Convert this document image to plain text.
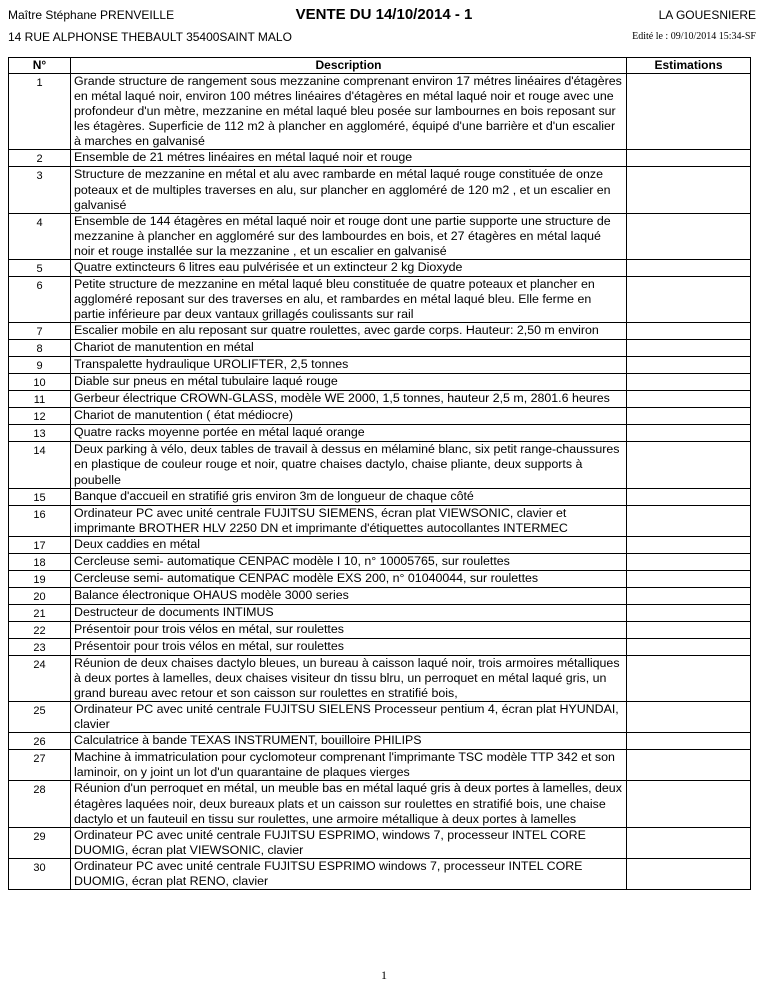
Maître Stéphane PRENVEILLE
14 RUE ALPHONSE THEBAULT 35400SAINT MALO
VENTE DU 14/10/2014 - 1	LA GOUESNIERE
Edité le : 09/10/2014 15:34-SF
N°	Description	Estimations
1	Grande structure de rangement sous mezzanine comprenant environ 17 métres linéaires d'étagères en métal laqué noir, environ 100 métres linéaires d'étagères en métal laqué noir et rouge avec une profondeur d'un mètre, mezzanine en métal laqué bleu posée sur lambournes en bois reposant sur les étagères. Superficie de 112 m2 à plancher en aggloméré, équipé d'une barrière et d'un escalier à marches en galvanisé	
2	Ensemble de 21 métres linéaires en métal laqué noir et rouge	
3	Structure de mezzanine en métal et alu avec rambarde en métal laqué rouge constituée de onze poteaux et de multiples traverses en alu, sur plancher en aggloméré de 120 m2 , et un escalier en galvanisé	
4	Ensemble de 144 étagères en métal laqué noir et rouge dont une partie supporte une structure de mezzanine à plancher en aggloméré sur des lambourdes en bois, et 27 étagères en métal laqué noir et rouge installée sur la mezzanine , et un escalier en galvanisé	
5	Quatre extincteurs 6 litres eau pulvérisée et un extincteur 2 kg Dioxyde	
6	Petite structure de mezzanine en métal laqué bleu constituée de quatre poteaux et plancher en aggloméré reposant sur des traverses en alu, et rambardes en métal laqué bleu. Elle ferme en partie inférieure par deux vantaux grillagés coulissants sur rail	
7	Escalier mobile en alu reposant sur quatre roulettes, avec garde corps. Hauteur: 2,50 m environ	
8	Chariot de manutention en métal	
9	Transpalette hydraulique UROLIFTER, 2,5 tonnes	
10	Diable sur pneus en métal tubulaire laqué rouge	
11	Gerbeur électrique CROWN-GLASS, modèle WE 2000, 1,5 tonnes, hauteur 2,5 m, 2801.6 heures	
12	Chariot de manutention ( état médiocre)	
13	Quatre racks moyenne portée en métal laqué orange	
14	Deux parking à vélo, deux tables de travail à dessus en mélaminé blanc, six petit range-chaussures en plastique de couleur rouge et noir, quatre chaises dactylo, chaise pliante, deux supports à poubelle	
15	Banque d'accueil en stratifié gris environ 3m de longueur de chaque côté	
16	Ordinateur PC avec unité centrale FUJITSU SIEMENS, écran plat VIEWSONIC, clavier et imprimante BROTHER HLV 2250 DN et imprimante d'étiquettes autocollantes INTERMEC	
17	Deux caddies en métal	
18	Cercleuse semi- automatique CENPAC modèle I 10, n° 10005765, sur roulettes	
19	Cercleuse semi- automatique CENPAC modèle EXS 200, n° 01040044, sur roulettes	
20	Balance électronique OHAUS modèle 3000 series	
21	Destructeur de documents INTIMUS	
22	Présentoir pour trois vélos en métal, sur roulettes	
23	Présentoir pour trois vélos en métal, sur roulettes	
24	Réunion de deux chaises dactylo bleues, un bureau à caisson laqué noir, trois armoires métalliques à deux portes à lamelles, deux chaises visiteur dn tissu blru, un perroquet en métal laqué gris, un grand bureau avec retour et son caisson sur roulettes en stratifié bois,	
25	Ordinateur PC avec unité centrale FUJITSU SIELENS Processeur pentium 4, écran plat HYUNDAI, clavier	
26	Calculatrice à bande TEXAS INSTRUMENT, bouilloire PHILIPS	
27	Machine à immatriculation pour cyclomoteur comprenant l'imprimante TSC modèle TTP 342 et son laminoir, on y joint un lot d'un quarantaine de plaques vierges	
28	Réunion d'un perroquet en métal, un meuble bas en métal laqué gris à deux portes à lamelles, deux étagères laquées noir, deux bureaux plats et un caisson sur roulettes en stratifié bois, une chaise dactylo et un fauteuil en tissu sur roulettes, une armoire métallique à deux portes à lamelles	
29	Ordinateur PC avec unité centrale FUJITSU ESPRIMO, windows 7, processeur INTEL CORE DUOMIG, écran plat VIEWSONIC, clavier	
30	Ordinateur PC avec unité centrale FUJITSU ESPRIMO windows 7, processeur INTEL CORE DUOMIG, écran plat RENO, clavier	
1
